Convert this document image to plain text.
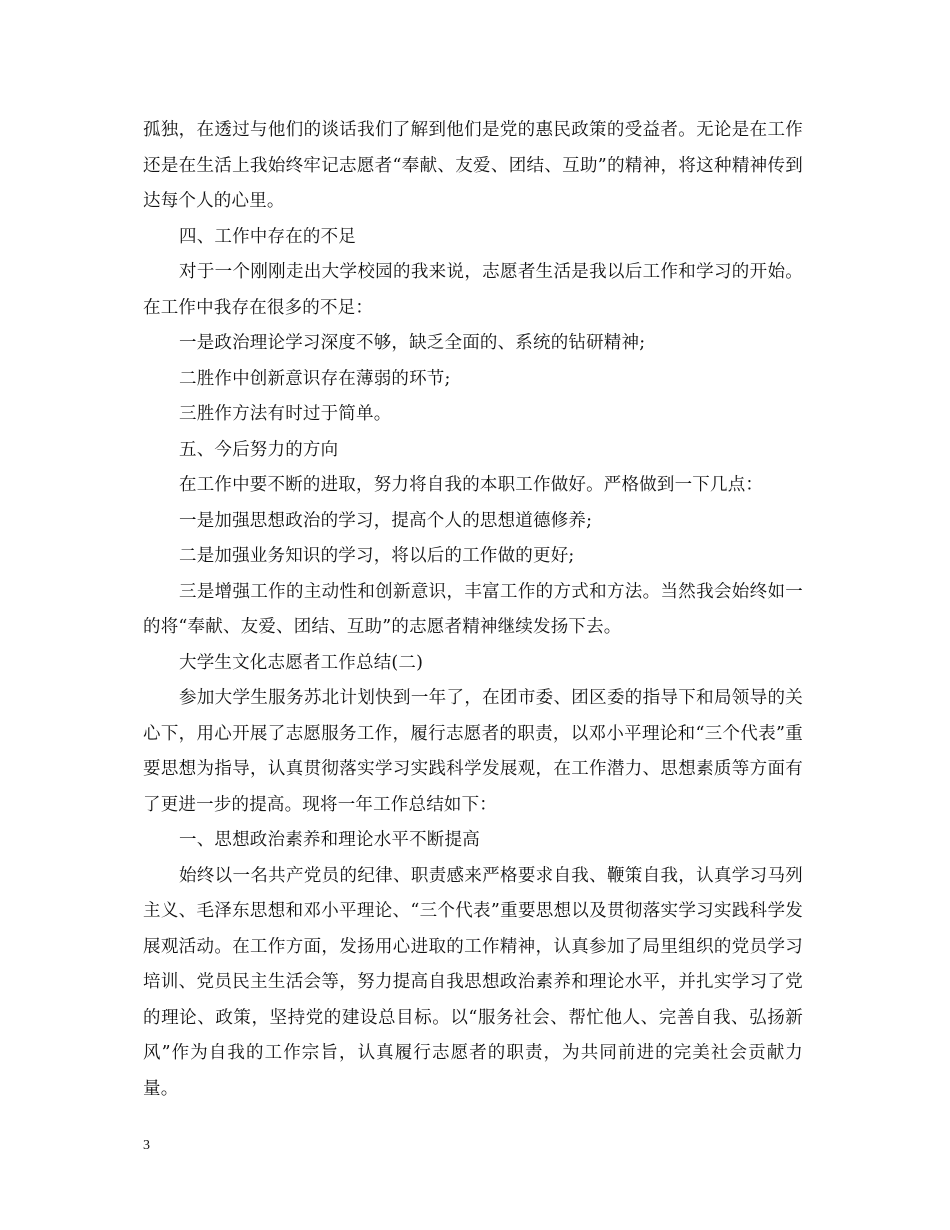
孤独，在透过与他们的谈话我们了解到他们是党的惠民政策的受益者。无论是在工作还是在生活上我始终牢记志愿者“奉献、友爱、团结、互助”的精神，将这种精神传到达每个人的心里。

四、工作中存在的不足

对于一个刚刚走出大学校园的我来说，志愿者生活是我以后工作和学习的开始。在工作中我存在很多的不足：

一是政治理论学习深度不够，缺乏全面的、系统的钻研精神;

二胜作中创新意识存在薄弱的环节;

三胜作方法有时过于简单。

五、今后努力的方向

在工作中要不断的进取，努力将自我的本职工作做好。严格做到一下几点：

一是加强思想政治的学习，提高个人的思想道德修养;

二是加强业务知识的学习，将以后的工作做的更好;

三是增强工作的主动性和创新意识，丰富工作的方式和方法。当然我会始终如一的将“奉献、友爱、团结、互助”的志愿者精神继续发扬下去。

大学生文化志愿者工作总结(二)

参加大学生服务苏北计划快到一年了，在团市委、团区委的指导下和局领导的关心下，用心开展了志愿服务工作，履行志愿者的职责，以邓小平理论和“三个代表”重要思想为指导，认真贯彻落实学习实践科学发展观，在工作潜力、思想素质等方面有了更进一步的提高。现将一年工作总结如下：

一、思想政治素养和理论水平不断提高

始终以一名共产党员的纪律、职责感来严格要求自我、鞭策自我，认真学习马列主义、毛泽东思想和邓小平理论、“三个代表”重要思想以及贯彻落实学习实践科学发展观活动。在工作方面，发扬用心进取的工作精神，认真参加了局里组织的党员学习培训、党员民主生活会等，努力提高自我思想政治素养和理论水平，并扎实学习了党的理论、政策，坚持党的建设总目标。以“服务社会、帮忙他人、完善自我、弘扬新风”作为自我的工作宗旨，认真履行志愿者的职责，为共同前进的完美社会贡献力量。

3
